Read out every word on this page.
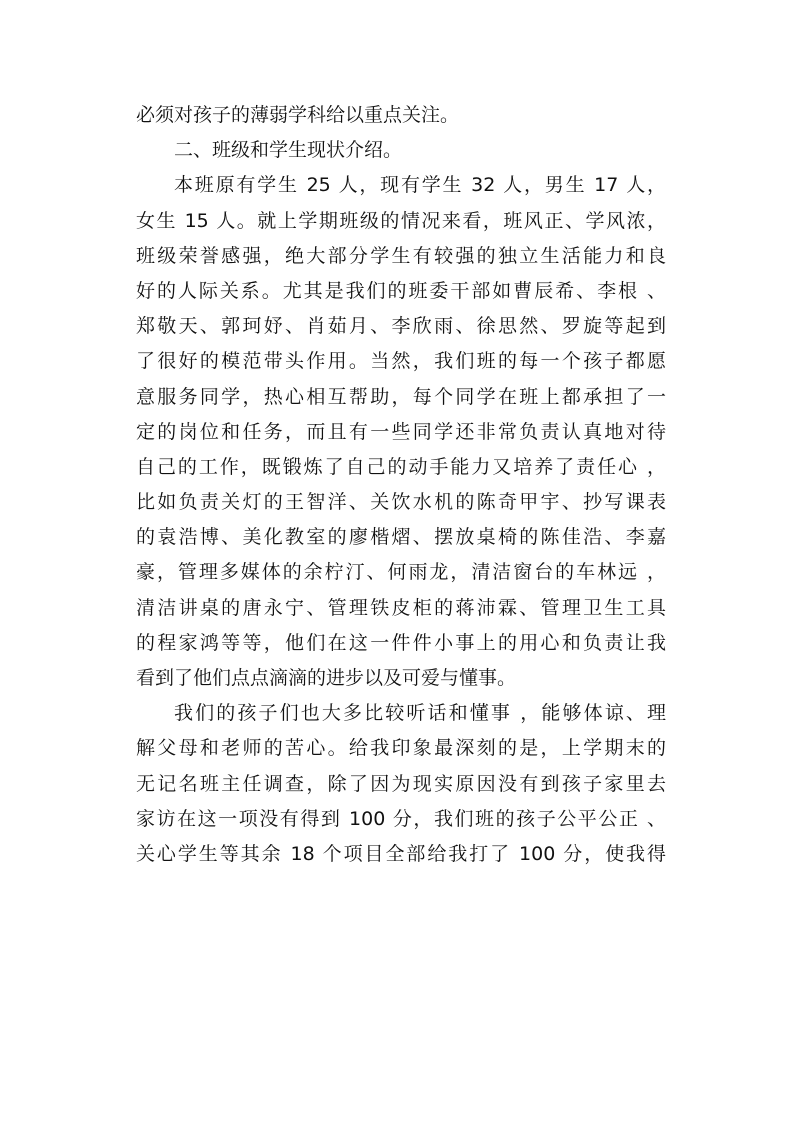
必须对孩子的薄弱学科给以重点关注。
二、班级和学生现状介绍。
本班原有学生 25 人，现有学生 32 人，男生 17 人，
女生 15 人。就上学期班级的情况来看，班风正、学风浓，
班级荣誉感强，绝大部分学生有较强的独立生活能力和良
好的人际关系。尤其是我们的班委干部如曹辰希、李根 、
郑敬天、郭珂妤、肖茹月、李欣雨、徐思然、罗旋等起到
了很好的模范带头作用。当然，我们班的每一个孩子都愿
意服务同学，热心相互帮助，每个同学在班上都承担了一
定的岗位和任务，而且有一些同学还非常负责认真地对待
自己的工作，既锻炼了自己的动手能力又培养了责任心 ，
比如负责关灯的王智洋、关饮水机的陈奇甲宇、抄写课表
的袁浩博、美化教室的廖楷熠、摆放桌椅的陈佳浩、李嘉
豪，管理多媒体的余柠汀、何雨龙，清洁窗台的车林远 ，
清洁讲桌的唐永宁、管理铁皮柜的蒋沛霖、管理卫生工具
的程家鸿等等，他们在这一件件小事上的用心和负责让我
看到了他们点点滴滴的进步以及可爱与懂事。
我们的孩子们也大多比较听话和懂事 ，能够体谅、理
解父母和老师的苦心。给我印象最深刻的是，上学期末的
无记名班主任调查，除了因为现实原因没有到孩子家里去
家访在这一项没有得到 100 分，我们班的孩子公平公正 、
关心学生等其余 18 个项目全部给我打了 100 分，使我得
